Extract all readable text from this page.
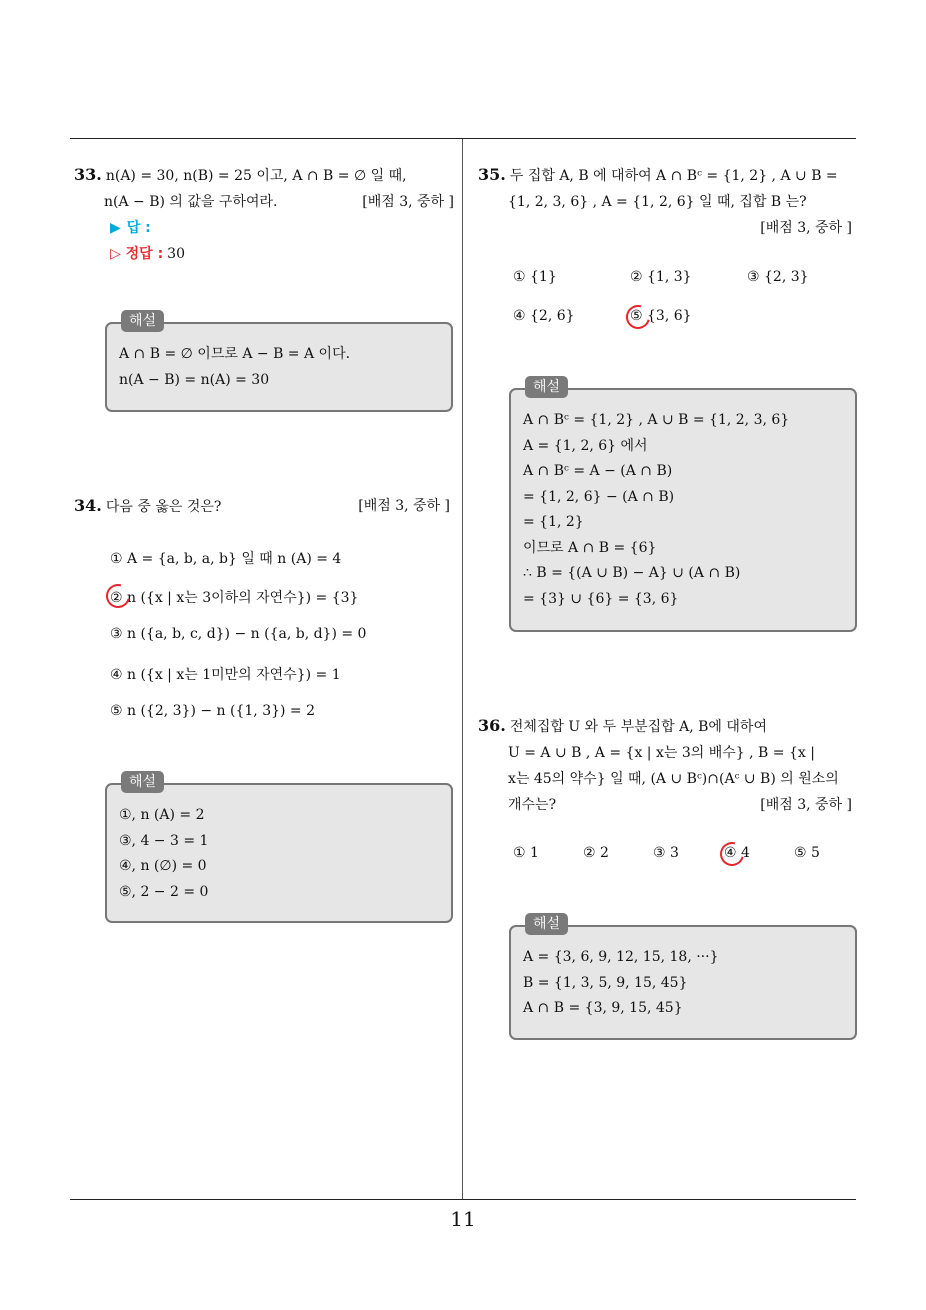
33. n(A) = 30, n(B) = 25 이고, A ∩ B = ∅ 일 때,
n(A − B) 의 값을 구하여라.	[배점 3, 중하 ]
▶ 답 :
▷ 정답 : 30
해설
A ∩ B = ∅ 이므로 A − B = A 이다.
n(A − B) = n(A) = 30
34. 다음 중 옳은 것은?	[배점 3, 중하 ]
① A = {a, b, a, b} 일 때 n (A) = 4
② n ({x | x는 3이하의 자연수}) = {3}
③ n ({a, b, c, d}) − n ({a, b, d}) = 0
④ n ({x | x는 1미만의 자연수}) = 1
⑤ n ({2, 3}) − n ({1, 3}) = 2
해설
①, n (A) = 2
③, 4 − 3 = 1
④, n (∅) = 0
⑤, 2 − 2 = 0
35. 두 집합 A, B 에 대하여 A ∩ Bᶜ = {1, 2} , A ∪ B =
{1, 2, 3, 6} , A = {1, 2, 6} 일 때, 집합 B 는?
[배점 3, 중하 ]
① {1}	② {1, 3}	③ {2, 3}
④ {2, 6}	⑤ {3, 6}
해설
A ∩ Bᶜ = {1, 2} , A ∪ B = {1, 2, 3, 6}
A = {1, 2, 6} 에서
A ∩ Bᶜ = A − (A ∩ B)
= {1, 2, 6} − (A ∩ B)
= {1, 2}
이므로 A ∩ B = {6}
∴ B = {(A ∪ B) − A} ∪ (A ∩ B)
= {3} ∪ {6} = {3, 6}
36. 전체집합 U 와 두 부분집합 A, B에 대하여
U = A ∪ B , A = {x | x는 3의 배수} , B = {x |
x는 45의 약수} 일 때, (A ∪ Bᶜ)∩(Aᶜ ∪ B) 의 원소의
개수는?	[배점 3, 중하 ]
① 1	② 2	③ 3	④ 4	⑤ 5
해설
A = {3, 6, 9, 12, 15, 18, ···}
B = {1, 3, 5, 9, 15, 45}
A ∩ B = {3, 9, 15, 45}
11
